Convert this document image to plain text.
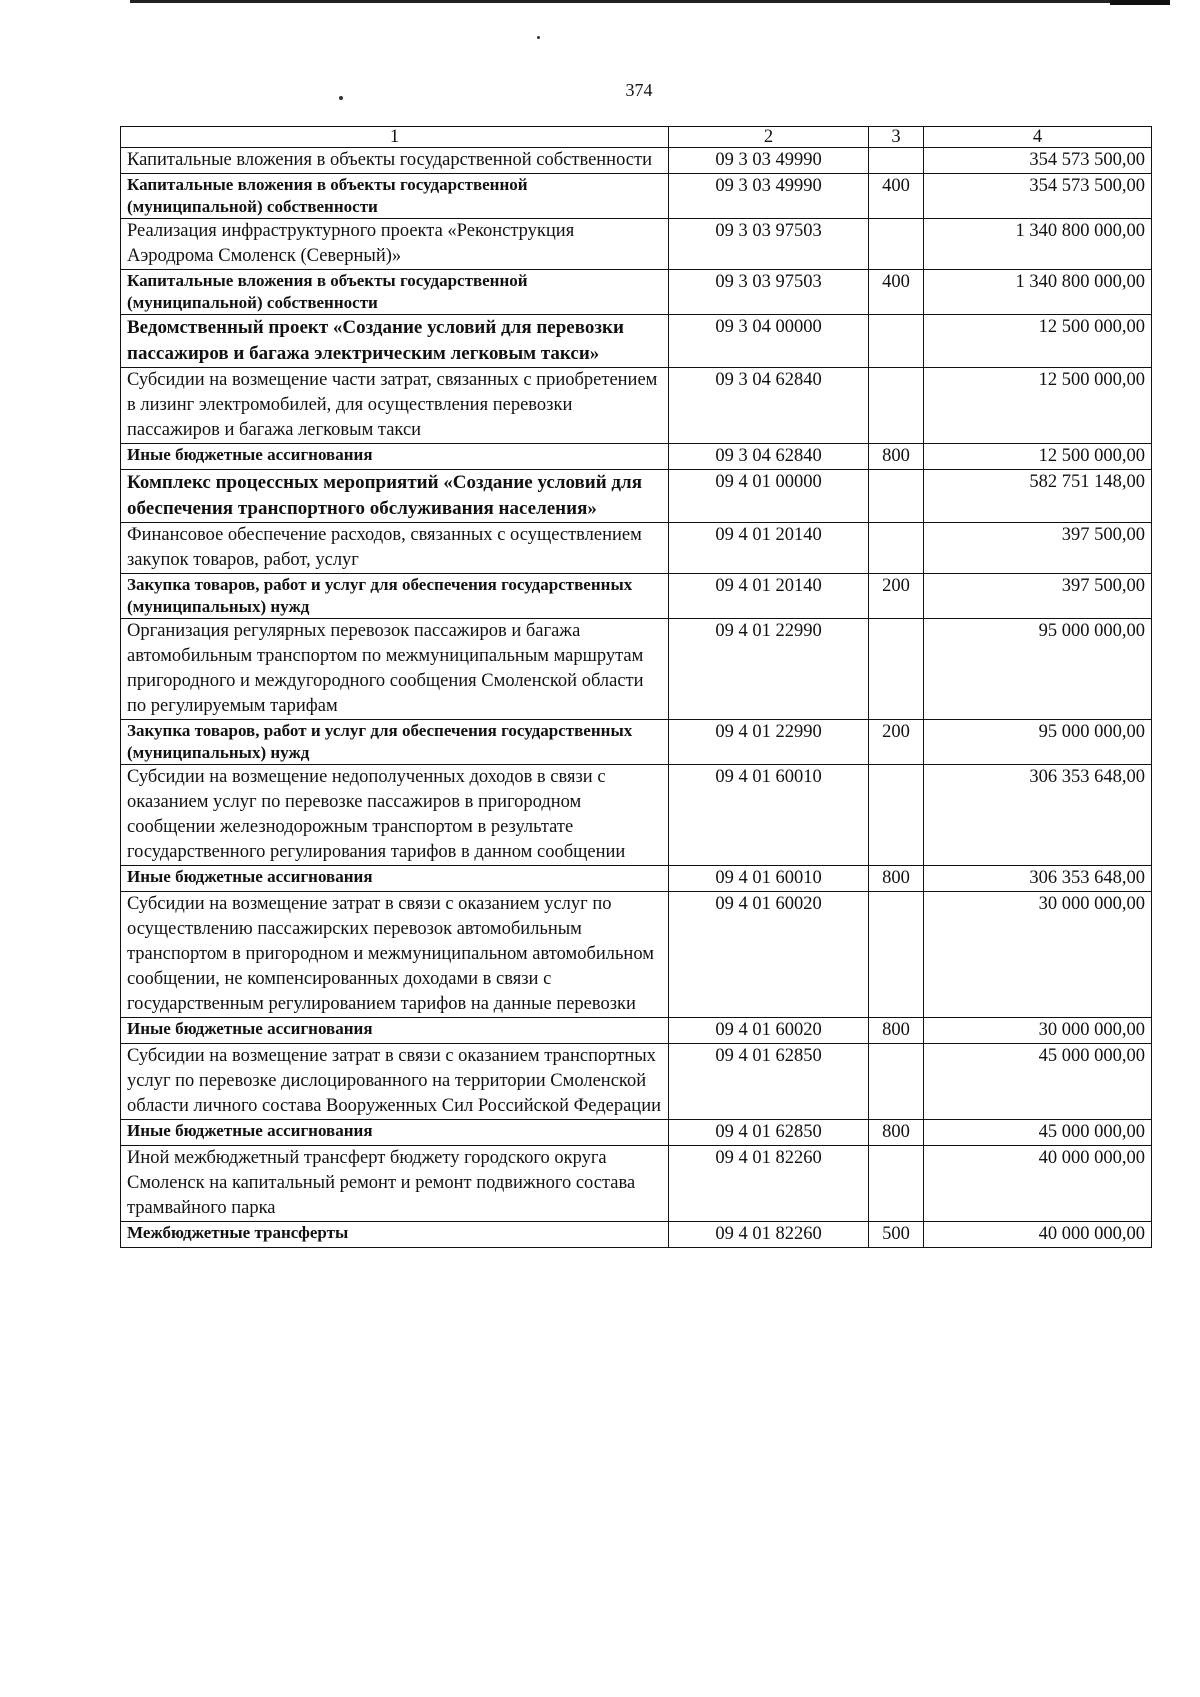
374
1	2	3	4
Капитальные вложения в объекты государственной собственности	09 3 03 49990		354 573 500,00
Капитальные вложения в объекты государственной (муниципальной) собственности	09 3 03 49990	400	354 573 500,00
Реализация инфраструктурного проекта «Реконструкция Аэродрома Смоленск (Северный)»	09 3 03 97503		1 340 800 000,00
Капитальные вложения в объекты государственной (муниципальной) собственности	09 3 03 97503	400	1 340 800 000,00
Ведомственный проект «Создание условий для перевозки пассажиров и багажа электрическим легковым такси»	09 3 04 00000		12 500 000,00
Субсидии на возмещение части затрат, связанных с приобретением в лизинг электромобилей, для осуществления перевозки пассажиров и багажа легковым такси	09 3 04 62840		12 500 000,00
Иные бюджетные ассигнования	09 3 04 62840	800	12 500 000,00
Комплекс процессных мероприятий «Создание условий для обеспечения транспортного обслуживания населения»	09 4 01 00000		582 751 148,00
Финансовое обеспечение расходов, связанных с осуществлением закупок товаров, работ, услуг	09 4 01 20140		397 500,00
Закупка товаров, работ и услуг для обеспечения государственных (муниципальных) нужд	09 4 01 20140	200	397 500,00
Организация регулярных перевозок пассажиров и багажа автомобильным транспортом по межмуниципальным маршрутам пригородного и междугородного сообщения Смоленской области по регулируемым тарифам	09 4 01 22990		95 000 000,00
Закупка товаров, работ и услуг для обеспечения государственных (муниципальных) нужд	09 4 01 22990	200	95 000 000,00
Субсидии на возмещение недополученных доходов в связи с оказанием услуг по перевозке пассажиров в пригородном сообщении железнодорожным транспортом в результате государственного регулирования тарифов в данном сообщении	09 4 01 60010		306 353 648,00
Иные бюджетные ассигнования	09 4 01 60010	800	306 353 648,00
Субсидии на возмещение затрат в связи с оказанием услуг по осуществлению пассажирских перевозок автомобильным транспортом в пригородном и межмуниципальном автомобильном сообщении, не компенсированных доходами в связи с государственным регулированием тарифов на данные перевозки	09 4 01 60020		30 000 000,00
Иные бюджетные ассигнования	09 4 01 60020	800	30 000 000,00
Субсидии на возмещение затрат в связи с оказанием транспортных услуг по перевозке дислоцированного на территории Смоленской области личного состава Вооруженных Сил Российской Федерации	09 4 01 62850		45 000 000,00
Иные бюджетные ассигнования	09 4 01 62850	800	45 000 000,00
Иной межбюджетный трансферт бюджету городского округа Смоленск на капитальный ремонт и ремонт подвижного состава трамвайного парка	09 4 01 82260		40 000 000,00
Межбюджетные трансферты	09 4 01 82260	500	40 000 000,00
